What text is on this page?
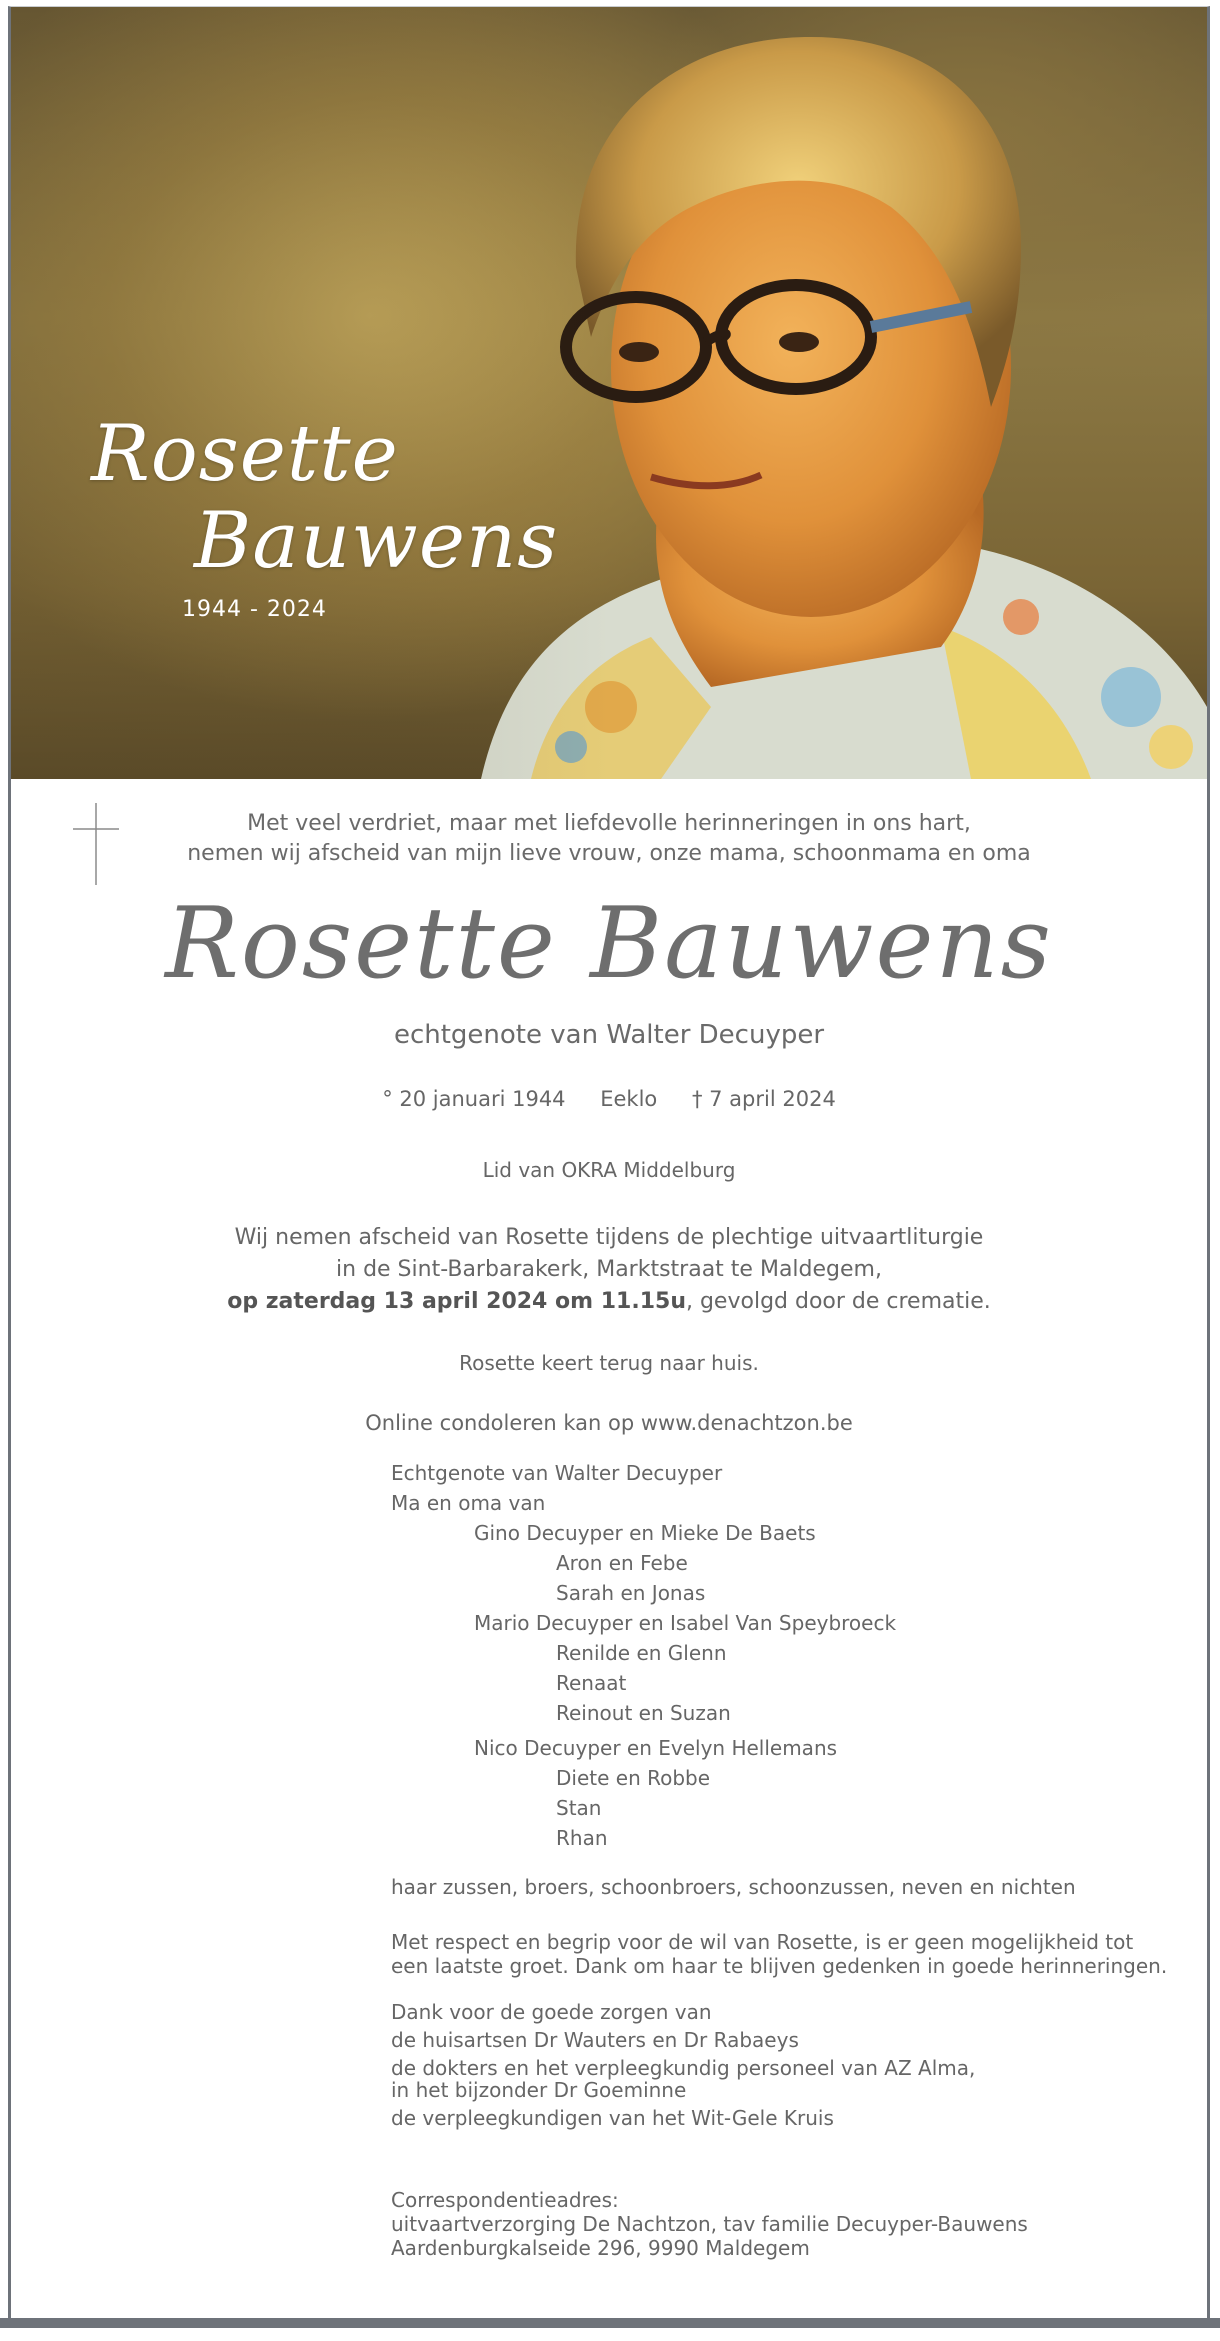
Rosette
Bauwens
1944 - 2024
Met veel verdriet, maar met liefdevolle herinneringen in ons hart,
nemen wij afscheid van mijn lieve vrouw, onze mama, schoonmama en oma
Rosette Bauwens
echtgenote van Walter Decuyper
° 20 januari 1944 Eeklo † 7 april 2024
Lid van OKRA Middelburg
Wij nemen afscheid van Rosette tijdens de plechtige uitvaartliturgie
in de Sint-Barbarakerk, Marktstraat te Maldegem,
op zaterdag 13 april 2024 om 11.15u, gevolgd door de crematie.
Rosette keert terug naar huis.
Online condoleren kan op www.denachtzon.be
Echtgenote van Walter Decuyper
Ma en oma van
Gino Decuyper en Mieke De Baets
Aron en Febe
Sarah en Jonas
Mario Decuyper en Isabel Van Speybroeck
Renilde en Glenn
Renaat
Reinout en Suzan
Nico Decuyper en Evelyn Hellemans
Diete en Robbe
Stan
Rhan
haar zussen, broers, schoonbroers, schoonzussen, neven en nichten
Met respect en begrip voor de wil van Rosette, is er geen mogelijkheid tot
een laatste groet. Dank om haar te blijven gedenken in goede herinneringen.
Dank voor de goede zorgen van
de huisartsen Dr Wauters en Dr Rabaeys
de dokters en het verpleegkundig personeel van AZ Alma,
in het bijzonder Dr Goeminne
de verpleegkundigen van het Wit-Gele Kruis
Correspondentieadres:
uitvaartverzorging De Nachtzon, tav familie Decuyper-Bauwens
Aardenburgkalseide 296, 9990 Maldegem
